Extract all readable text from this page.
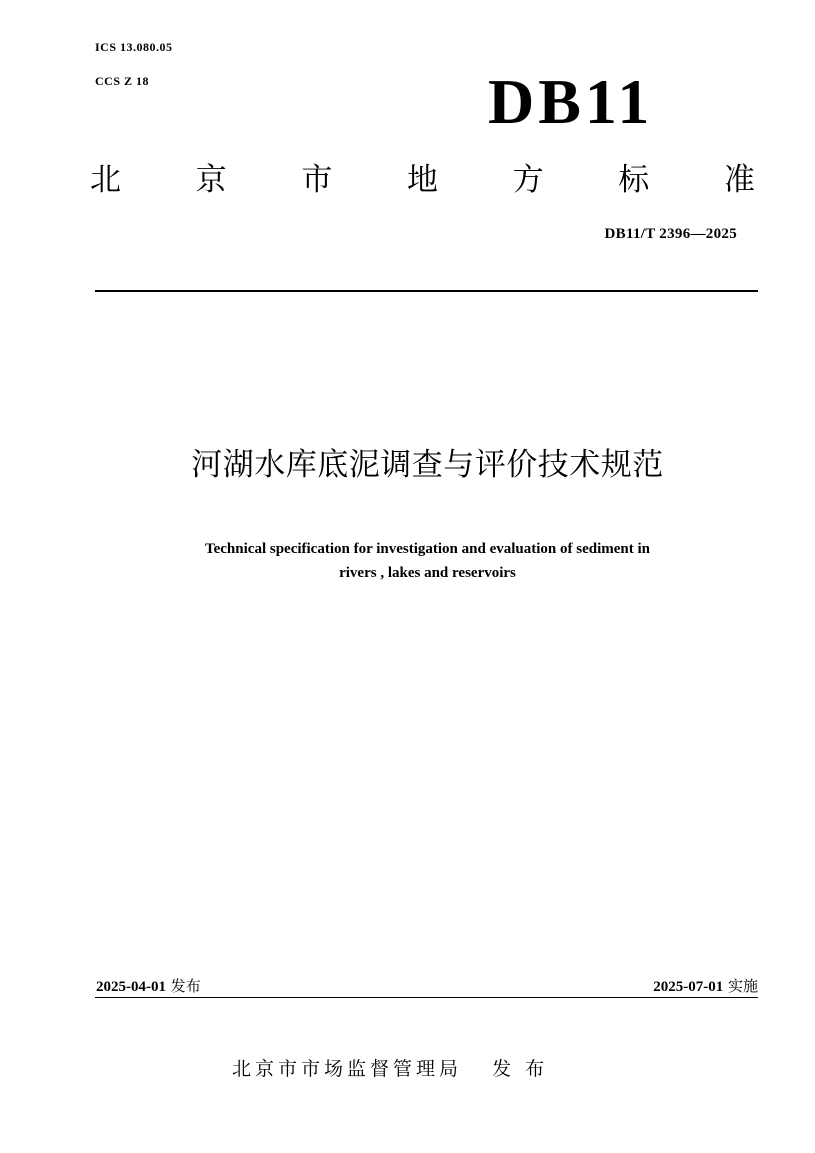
ICS 13.080.05
CCS Z 18	DB11
北 京 市 地 方 标 准
DB11/T 2396—2025
河湖水库底泥调查与评价技术规范
Technical specification for investigation and evaluation of sediment in
rivers , lakes and reservoirs
2025-04-01 发布	2025-07-01 实施
北京市市场监督管理局 发 布
